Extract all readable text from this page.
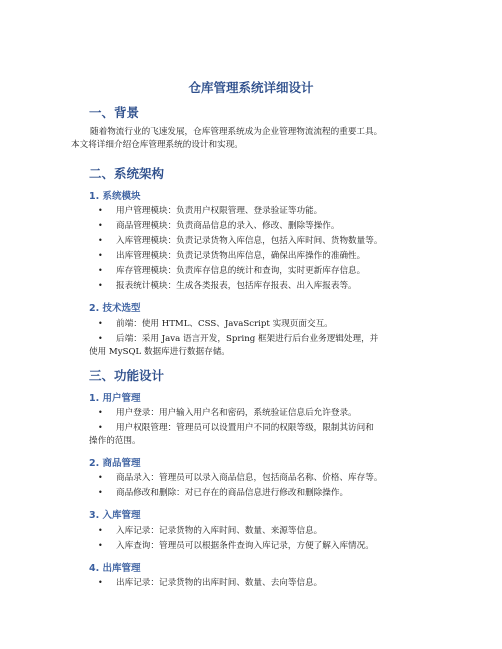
仓库管理系统详细设计
一、背景
随着物流行业的飞速发展，仓库管理系统成为企业管理物流流程的重要工具。
本文将详细介绍仓库管理系统的设计和实现。
二、系统架构
1. 系统模块
• 用户管理模块：负责用户权限管理、登录验证等功能。
• 商品管理模块：负责商品信息的录入、修改、删除等操作。
• 入库管理模块：负责记录货物入库信息，包括入库时间、货物数量等。
• 出库管理模块：负责记录货物出库信息，确保出库操作的准确性。
• 库存管理模块：负责库存信息的统计和查询，实时更新库存信息。
• 报表统计模块：生成各类报表，包括库存报表、出入库报表等。
2. 技术选型
• 前端：使用 HTML、CSS、JavaScript 实现页面交互。
• 后端：采用 Java 语言开发，Spring 框架进行后台业务逻辑处理，并
使用 MySQL 数据库进行数据存储。
三、功能设计
1. 用户管理
• 用户登录：用户输入用户名和密码，系统验证信息后允许登录。
• 用户权限管理：管理员可以设置用户不同的权限等级，限制其访问和
操作的范围。
2. 商品管理
• 商品录入：管理员可以录入商品信息，包括商品名称、价格、库存等。
• 商品修改和删除：对已存在的商品信息进行修改和删除操作。
3. 入库管理
• 入库记录：记录货物的入库时间、数量、来源等信息。
• 入库查询：管理员可以根据条件查询入库记录，方便了解入库情况。
4. 出库管理
• 出库记录：记录货物的出库时间、数量、去向等信息。
